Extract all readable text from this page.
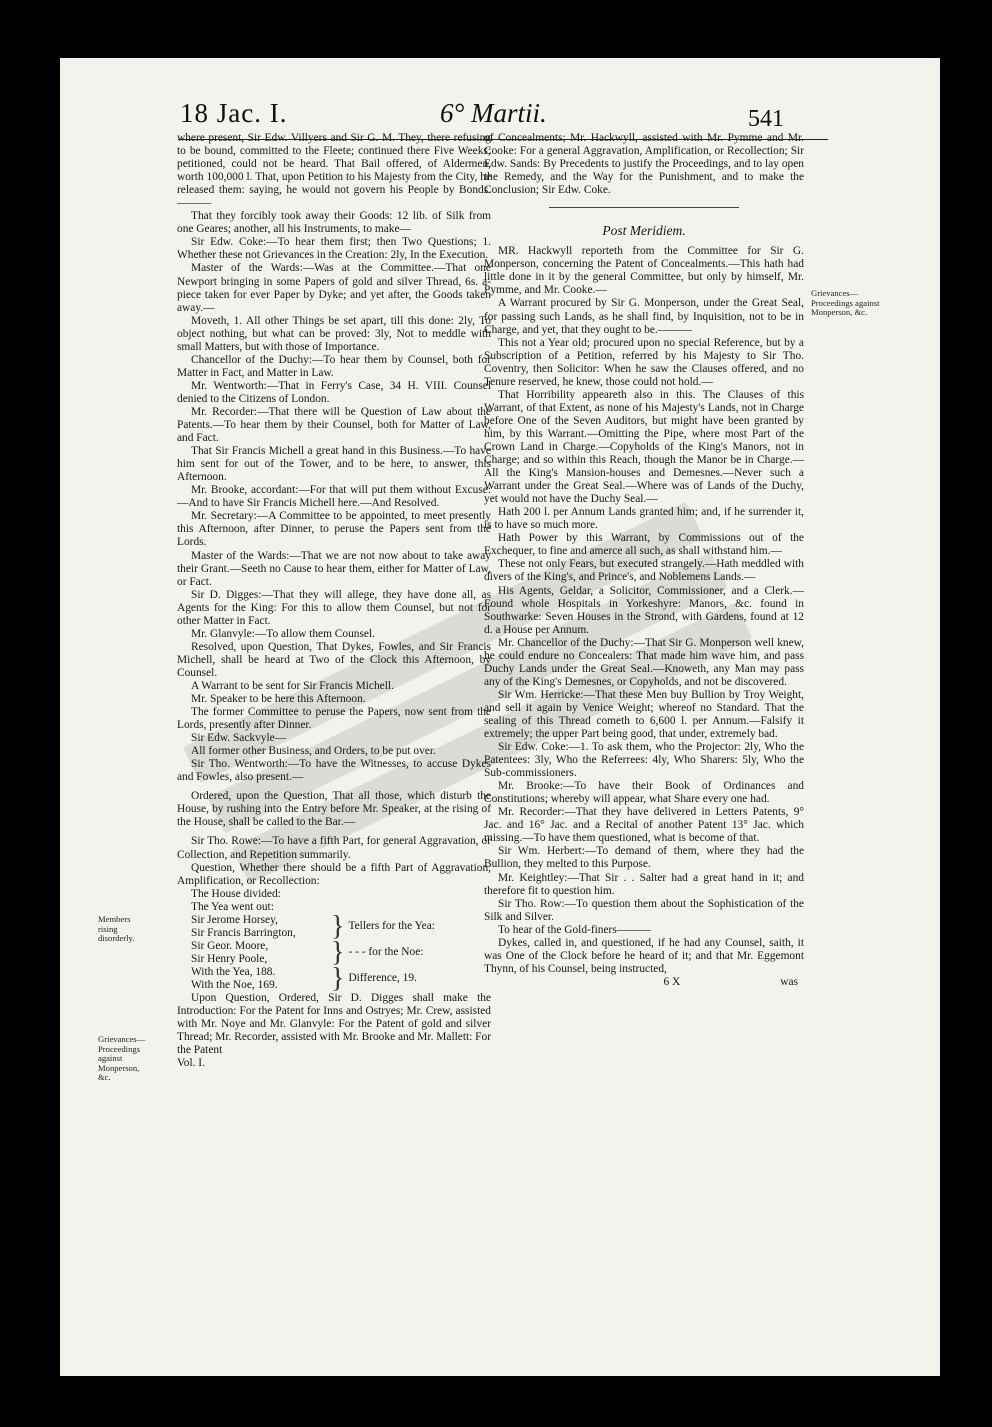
18 Jac. I.	6° Martii.	541
Grievances—Proceedings against Monperson, &c.
Members rising disorderly.
Grievances—Proceedings against Monperson, &c.

where present, Sir Edw. Villyers and Sir G. M. They, there refusing to be bound, committed to the Fleete; continued there Five Weeks; petitioned, could not be heard. That Bail offered, of Aldermen, worth 100,000 l. That, upon Petition to his Majesty from the City, he released them: saying, he would not govern his People by Bonds.———

That they forcibly took away their Goods: 12 lib. of Silk from one Geares; another, all his Instruments, to make—

Sir Edw. Coke:—To hear them first; then Two Questions; 1. Whether these not Grievances in the Creation: 2ly, In the Execution.

Master of the Wards:—Was at the Committee.—That one Newport bringing in some Papers of gold and silver Thread, 6s. a-piece taken for ever Paper by Dyke; and yet after, the Goods taken away.—

Moveth, 1. All other Things be set apart, till this done: 2ly, To object nothing, but what can be proved: 3ly, Not to meddle with small Matters, but with those of Importance.

Chancellor of the Duchy:—To hear them by Counsel, both for Matter in Fact, and Matter in Law.

Mr. Wentworth:—That in Ferry's Case, 34 H. VIII. Counsel denied to the Citizens of London.

Mr. Recorder:—That there will be Question of Law about the Patents.—To hear them by their Counsel, both for Matter of Law, and Fact.

That Sir Francis Michell a great hand in this Business.—To have him sent for out of the Tower, and to be here, to answer, this Afternoon.

Mr. Brooke, accordant:—For that will put them without Excuse:—And to have Sir Francis Michell here.—And Resolved.

Mr. Secretary:—A Committee to be appointed, to meet presently this Afternoon, after Dinner, to peruse the Papers sent from the Lords.

Master of the Wards:—That we are not now about to take away their Grant.—Seeth no Cause to hear them, either for Matter of Law, or Fact.

Sir D. Digges:—That they will allege, they have done all, as Agents for the King: For this to allow them Counsel, but not for other Matter in Fact.

Mr. Glanvyle:—To allow them Counsel.

Resolved, upon Question, That Dykes, Fowles, and Sir Francis Michell, shall be heard at Two of the Clock this Afternoon, by Counsel.

A Warrant to be sent for Sir Francis Michell.

Mr. Speaker to be here this Afternoon.

The former Committee to peruse the Papers, now sent from the Lords, presently after Dinner.

Sir Edw. Sackvyle—

All former other Business, and Orders, to be put over.

Sir Tho. Wentworth:—To have the Witnesses, to accuse Dykes and Fowles, also present.—

Ordered, upon the Question, That all those, which disturb the House, by rushing into the Entry before Mr. Speaker, at the rising of the House, shall be called to the Bar.—

Sir Tho. Rowe:—To have a fifth Part, for general Aggravation, or Collection, and Repetition summarily.

Question, Whether there should be a fifth Part of Aggravation, Amplification, or Recollection:

The House divided:

The Yea went out:

Sir Jerome Horsey,
Sir Francis Barrington,
Sir Geor. Moore,
Sir Henry Poole,
With the Yea, 188.
With the Noe, 169.
} Tellers for the Yea:
} - - - for the Noe:
} Difference, 19.

Upon Question, Ordered, Sir D. Digges shall make the Introduction: For the Patent for Inns and Ostryes; Mr. Crew, assisted with Mr. Noye and Mr. Glanvyle: For the Patent of gold and silver Thread; Mr. Recorder, assisted with Mr. Brooke and Mr. Mallett: For the Patent

Vol. I.

of Concealments; Mr. Hackwyll, assisted with Mr. Pymme and Mr. Cooke: For a general Aggravation, Amplification, or Recollection; Sir Edw. Sands: By Precedents to justify the Proceedings, and to lay open the Remedy, and the Way for the Punishment, and to make the Conclusion; Sir Edw. Coke.

Post Meridiem.

MR. Hackwyll reporteth from the Committee for Sir G. Monperson, concerning the Patent of Concealments.—This hath had little done in it by the general Committee, but only by himself, Mr. Pymme, and Mr. Cooke.—

A Warrant procured by Sir G. Monperson, under the Great Seal, for passing such Lands, as he shall find, by Inquisition, not to be in Charge, and yet, that they ought to be.———

This not a Year old; procured upon no special Reference, but by a Subscription of a Petition, referred by his Majesty to Sir Tho. Coventry, then Solicitor: When he saw the Clauses offered, and no Tenure reserved, he knew, those could not hold.—

That Horribility appeareth also in this. The Clauses of this Warrant, of that Extent, as none of his Majesty's Lands, not in Charge before One of the Seven Auditors, but might have been granted by him, by this Warrant.—Omitting the Pipe, where most Part of the Crown Land in Charge.—Copyholds of the King's Manors, not in Charge; and so within this Reach, though the Manor be in Charge.—All the King's Mansion-houses and Demesnes.—Never such a Warrant under the Great Seal.—Where was of Lands of the Duchy, yet would not have the Duchy Seal.—

Hath 200 l. per Annum Lands granted him; and, if he surrender it, is to have so much more.

Hath Power by this Warrant, by Commissions out of the Exchequer, to fine and amerce all such, as shall withstand him.—

These not only Fears, but executed strangely.—Hath meddled with divers of the King's, and Prince's, and Noblemens Lands.—

His Agents, Geldar, a Solicitor, Commissioner, and a Clerk.—Found whole Hospitals in Yorkeshyre: Manors, &c. found in Southwarke: Seven Houses in the Strond, with Gardens, found at 12 d. a House per Annum.

Mr. Chancellor of the Duchy:—That Sir G. Monperson well knew, he could endure no Concealers: That made him wave him, and pass Duchy Lands under the Great Seal.—Knoweth, any Man may pass any of the King's Demesnes, or Copyholds, and not be discovered.

Sir Wm. Herricke:—That these Men buy Bullion by Troy Weight, and sell it again by Venice Weight; whereof no Standard. That the sealing of this Thread cometh to 6,600 l. per Annum.—Falsify it extremely; the upper Part being good, that under, extremely bad.

Sir Edw. Coke:—1. To ask them, who the Projector: 2ly, Who the Patentees: 3ly, Who the Referrees: 4ly, Who Sharers: 5ly, Who the Sub-commissioners.

Mr. Brooke:—To have their Book of Ordinances and Constitutions; whereby will appear, what Share every one had.

Mr. Recorder:—That they have delivered in Letters Patents, 9° Jac. and 16° Jac. and a Recital of another Patent 13° Jac. which missing.—To have them questioned, what is become of that.

Sir Wm. Herbert:—To demand of them, where they had the Bullion, they melted to this Purpose.

Mr. Keightley:—That Sir . . Salter had a great hand in it; and therefore fit to question him.

Sir Tho. Row:—To question them about the Sophistication of the Silk and Silver.

To hear of the Gold-finers———

Dykes, called in, and questioned, if he had any Counsel, saith, it was One of the Clock before he heard of it; and that Mr. Eggemont Thynn, of his Counsel, being instructed,

6 X	was
